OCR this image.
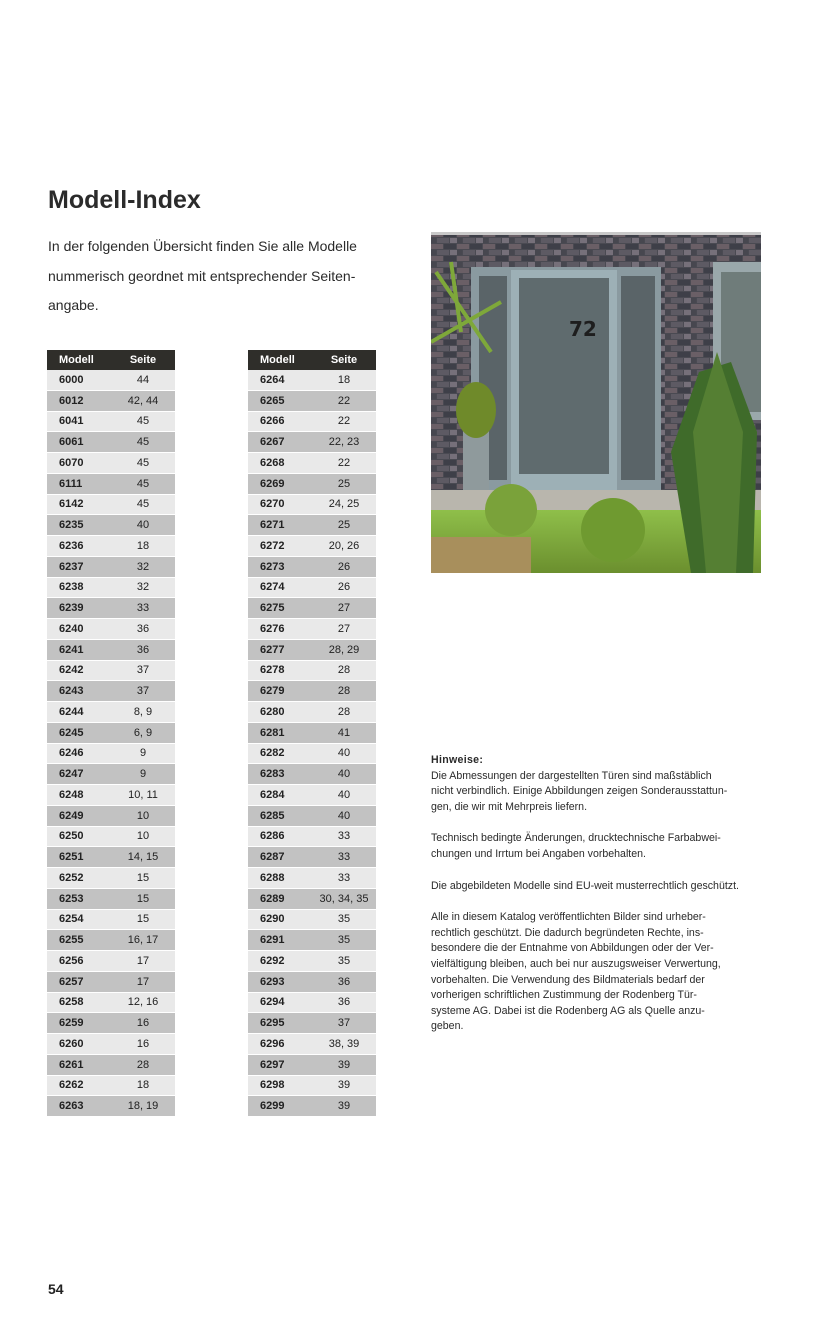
Modell-Index

In der folgenden Übersicht finden Sie alle Modelle
nummerisch geordnet mit entsprechender Seiten-
angabe.

Modell	Seite
6000	44
6012	42, 44
6041	45
6061	45
6070	45
6111	45
6142	45
6235	40
6236	18
6237	32
6238	32
6239	33
6240	36
6241	36
6242	37
6243	37
6244	8, 9
6245	6, 9
6246	9
6247	9
6248	10, 11
6249	10
6250	10
6251	14, 15
6252	15
6253	15
6254	15
6255	16, 17
6256	17
6257	17
6258	12, 16
6259	16
6260	16
6261	28
6262	18
6263	18, 19
Modell	Seite
6264	18
6265	22
6266	22
6267	22, 23
6268	22
6269	25
6270	24, 25
6271	25
6272	20, 26
6273	26
6274	26
6275	27
6276	27
6277	28, 29
6278	28
6279	28
6280	28
6281	41
6282	40
6283	40
6284	40
6285	40
6286	33
6287	33
6288	33
6289	30, 34, 35
6290	35
6291	35
6292	35
6293	36
6294	36
6295	37
6296	38, 39
6297	39
6298	39
6299	39
72
Hinweise:
Die Abmessungen der dargestellten Türen sind maßstäblich
nicht verbindlich. Einige Abbildungen zeigen Sonderausstattun-
gen, die wir mit Mehrpreis liefern.
Technisch bedingte Änderungen, drucktechnische Farbabwei-
chungen und Irrtum bei Angaben vorbehalten.
Die abgebildeten Modelle sind EU-weit musterrechtlich geschützt.
Alle in diesem Katalog veröffentlichten Bilder sind urheber-
rechtlich geschützt. Die dadurch begründeten Rechte, ins-
besondere die der Entnahme von Abbildungen oder der Ver-
vielfältigung bleiben, auch bei nur auszugsweiser Verwertung,
vorbehalten. Die Verwendung des Bildmaterials bedarf der
vorherigen schriftlichen Zustimmung der Rodenberg Tür-
systeme AG. Dabei ist die Rodenberg AG als Quelle anzu-
geben.
54
